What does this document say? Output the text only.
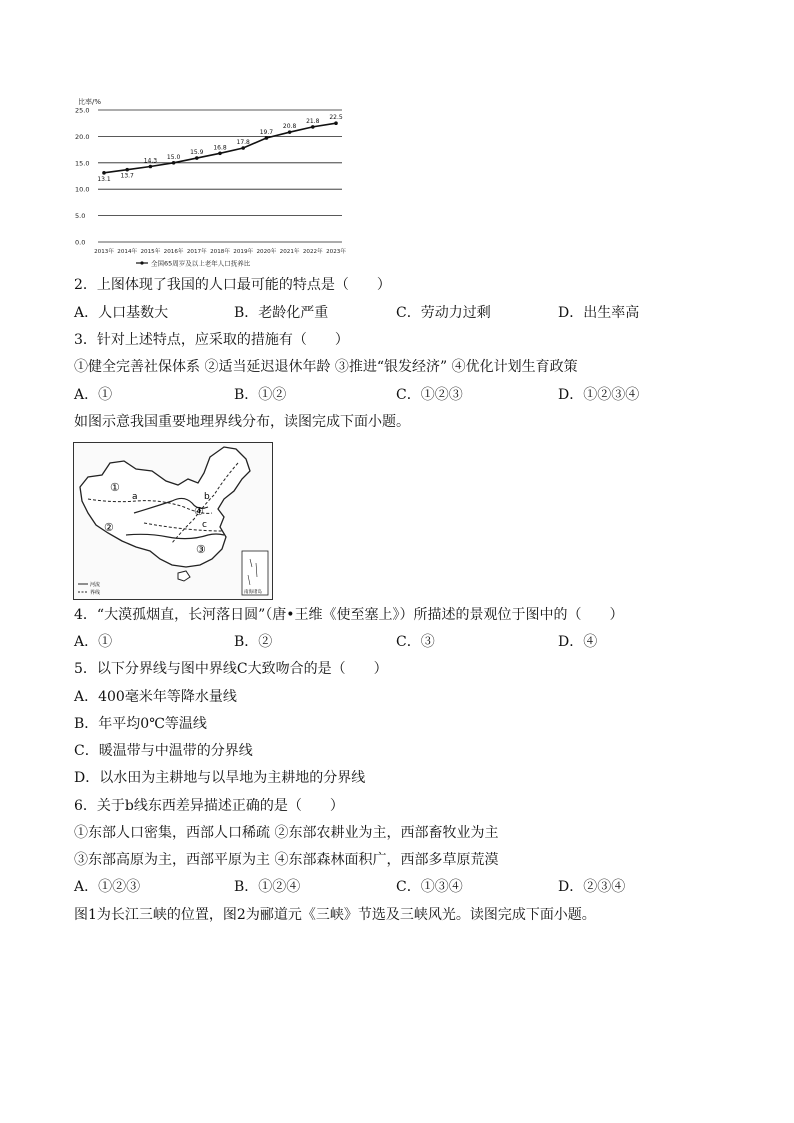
比率/%
0.0
5.0
10.0
15.0
20.0
25.0
2013年 2014年 2015年 2016年 2017年 2018年 2019年 2020年 2021年 2022年 2023年
13.1 13.7
14.3
15.0
15.9
16.8
17.8
19.7
20.8
21.8
22.5
全国65周岁及以上老年人口抚养比
2．上图体现了我国的人口最可能的特点是（　　）
A．人口基数大	B．老龄化严重	C．劳动力过剩	D．出生率高
3．针对上述特点，应采取的措施有（　　）
①健全完善社保体系 ②适当延迟退休年龄 ③推进“银发经济” ④优化计划生育政策
A．①	B．①②	C．①②③	D．①②③④
如图示意我国重要地理界线分布，读图完成下面小题。
①
②
③
④
a	b
c
河流
界线	南海诸岛
4．“大漠孤烟直，长河落日圆”（唐•王维《使至塞上》）所描述的景观位于图中的（　　）
A．①	B．②	C．③	D．④
5．以下分界线与图中界线C大致吻合的是（　　）
A．400毫米年等降水量线
B．年平均0℃等温线
C．暖温带与中温带的分界线
D．以水田为主耕地与以旱地为主耕地的分界线
6．关于b线东西差异描述正确的是（　　）
①东部人口密集，西部人口稀疏 ②东部农耕业为主，西部畜牧业为主
③东部高原为主，西部平原为主 ④东部森林面积广，西部多草原荒漠
A．①②③	B．①②④	C．①③④	D．②③④
图1为长江三峡的位置，图2为郦道元《三峡》节选及三峡风光。读图完成下面小题。
